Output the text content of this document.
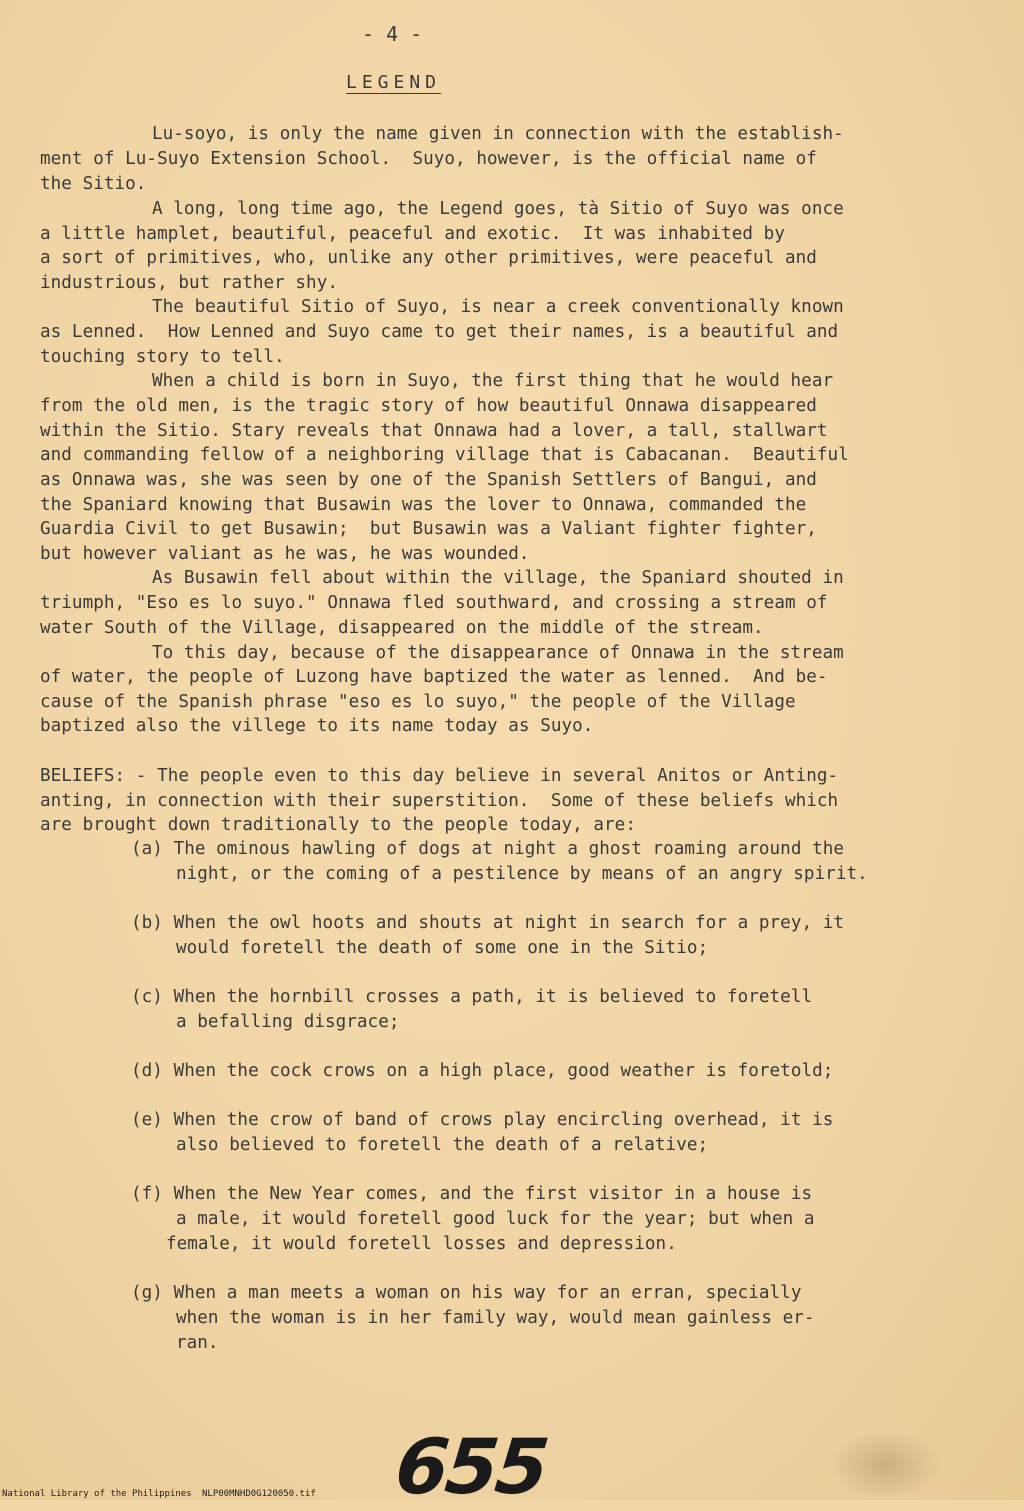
- 4 -
LEGEND
Lu-soyo, is only the name given in connection with the establish-
ment of Lu-Suyo Extension School.  Suyo, however, is the official name of
the Sitio.
A long, long time ago, the Legend goes, tà Sitio of Suyo was once
a little hamplet, beautiful, peaceful and exotic.  It was inhabited by
a sort of primitives, who, unlike any other primitives, were peaceful and
industrious, but rather shy.
The beautiful Sitio of Suyo, is near a creek conventionally known
as Lenned.  How Lenned and Suyo came to get their names, is a beautiful and
touching story to tell.
When a child is born in Suyo, the first thing that he would hear
from the old men, is the tragic story of how beautiful Onnawa disappeared
within the Sitio. Stary reveals that Onnawa had a lover, a tall, stallwart
and commanding fellow of a neighboring village that is Cabacanan.  Beautiful
as Onnawa was, she was seen by one of the Spanish Settlers of Bangui, and
the Spaniard knowing that Busawin was the lover to Onnawa, commanded the
Guardia Civil to get Busawin;  but Busawin was a Valiant fighter fighter,
but however valiant as he was, he was wounded.
As Busawin fell about within the village, the Spaniard shouted in
triumph, "Eso es lo suyo." Onnawa fled southward, and crossing a stream of
water South of the Village, disappeared on the middle of the stream.
To this day, because of the disappearance of Onnawa in the stream
of water, the people of Luzong have baptized the water as lenned.  And be-
cause of the Spanish phrase "eso es lo suyo," the people of the Village
baptized also the villege to its name today as Suyo.
BELIEFS: - The people even to this day believe in several Anitos or Anting-
anting, in connection with their superstition.  Some of these beliefs which
are brought down traditionally to the people today, are:
(a) The ominous hawling of dogs at night a ghost roaming around the
night, or the coming of a pestilence by means of an angry spirit.
(b) When the owl hoots and shouts at night in search for a prey, it
would foretell the death of some one in the Sitio;
(c) When the hornbill crosses a path, it is believed to foretell
a befalling disgrace;
(d) When the cock crows on a high place, good weather is foretold;
(e) When the crow of band of crows play encircling overhead, it is
also believed to foretell the death of a relative;
(f) When the New Year comes, and the first visitor in a house is
a male, it would foretell good luck for the year; but when a
female, it would foretell losses and depression.
(g) When a man meets a woman on his way for an erran, specially
when the woman is in her family way, would mean gainless er-
ran.
655
National Library of the Philippines NLP00MNHD0G120050.tif
